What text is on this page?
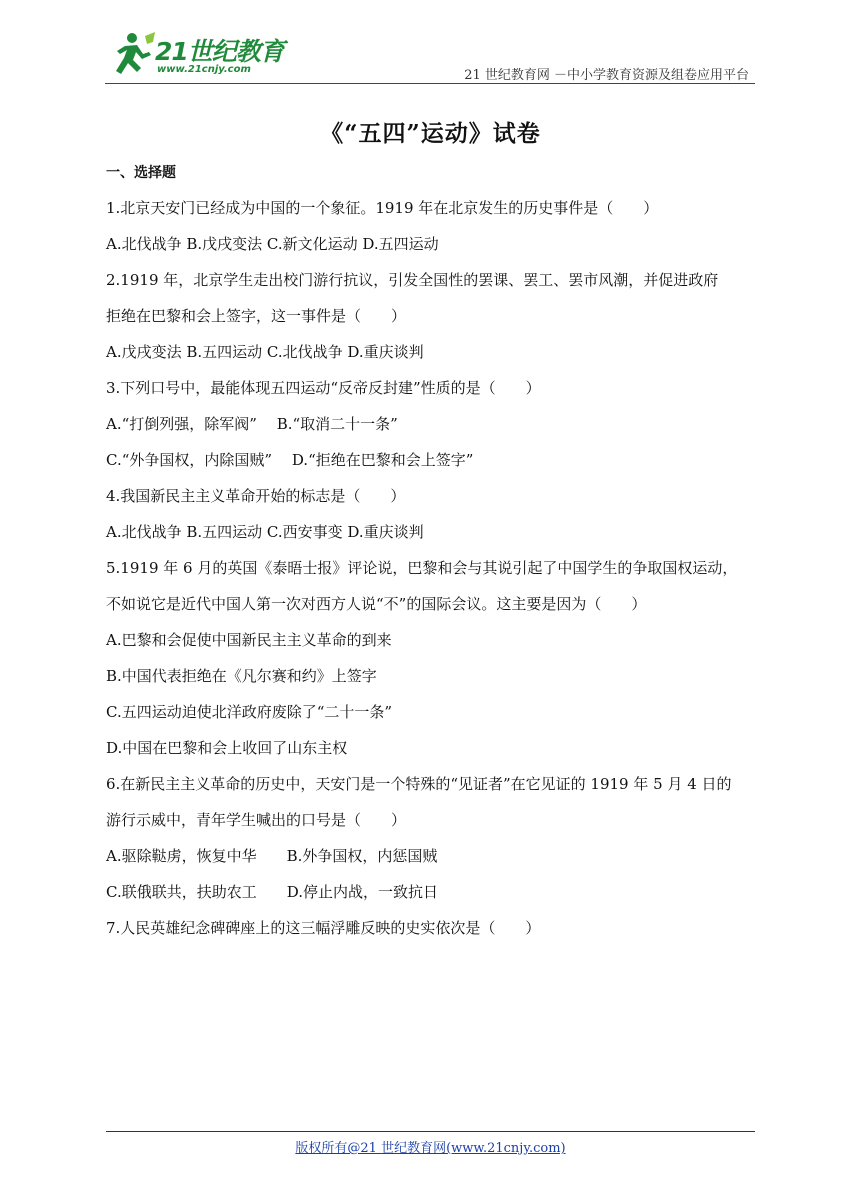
21世纪教育
www.21cnjy.com	21 世纪教育网 －中小学教育资源及组卷应用平台
《“五四”运动》试卷
一、选择题
1.北京天安门已经成为中国的一个象征。1919 年在北京发生的历史事件是（　　）
A.北伐战争 B.戊戌变法 C.新文化运动 D.五四运动
2.1919 年，北京学生走出校门游行抗议，引发全国性的罢课、罢工、罢市风潮，并促进政府
拒绝在巴黎和会上签字，这一事件是（　　）
A.戊戌变法 B.五四运动 C.北伐战争 D.重庆谈判
3.下列口号中，最能体现五四运动“反帝反封建”性质的是（　　）
A.“打倒列强，除军阀”　 B.“取消二十一条”
C.“外争国权，内除国贼”　 D.“拒绝在巴黎和会上签字”
4.我国新民主主义革命开始的标志是（　　）
A.北伐战争 B.五四运动 C.西安事变 D.重庆谈判
5.1919 年 6 月的英国《泰晤士报》评论说，巴黎和会与其说引起了中国学生的争取国权运动，
不如说它是近代中国人第一次对西方人说“不”的国际会议。这主要是因为（　　）
A.巴黎和会促使中国新民主主义革命的到来
B.中国代表拒绝在《凡尔赛和约》上签字
C.五四运动迫使北洋政府废除了“二十一条”
D.中国在巴黎和会上收回了山东主权
6.在新民主主义革命的历史中，天安门是一个特殊的“见证者”在它见证的 1919 年 5 月 4 日的
游行示威中，青年学生喊出的口号是（　　）
A.驱除鞑虏，恢复中华　　B.外争国权，内惩国贼
C.联俄联共，扶助农工　　D.停止内战，一致抗日
7.人民英雄纪念碑碑座上的这三幅浮雕反映的史实依次是（　　）
版权所有@21 世纪教育网(www.21cnjy.com)
